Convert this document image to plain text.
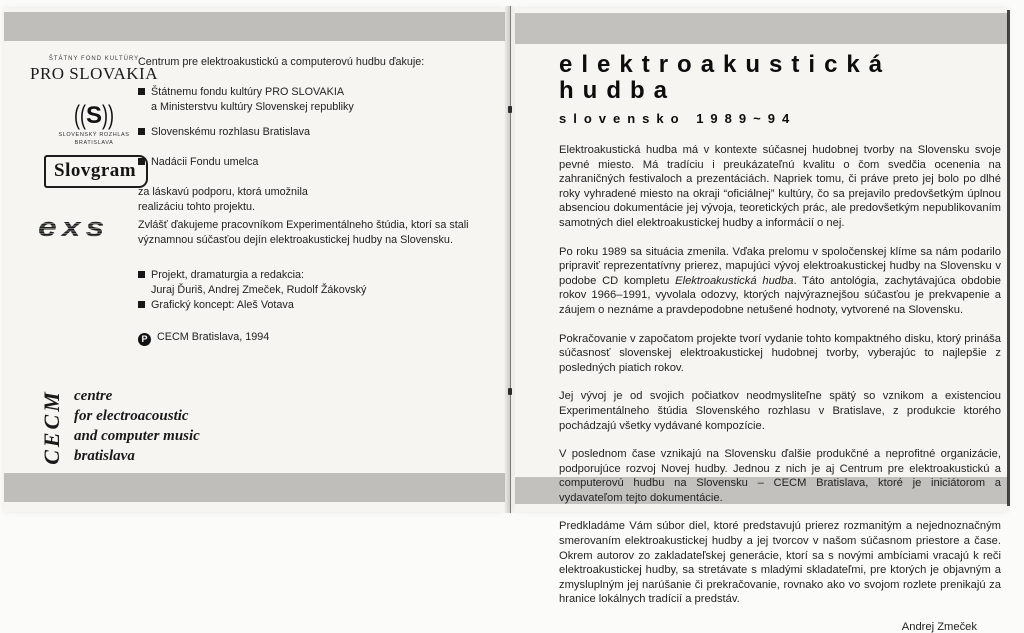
ŠTÁTNY FOND KULTÚRY
PRO SLOVAKIA
((S))
SLOVENSKÝ ROZHLAS
BRATISLAVA
Slovgram
exs
Centrum pre elektroakustickú a computerovú hudbu ďakuje:
Štátnemu fondu kultúry PRO SLOVAKIA
a Ministerstvu kultúry Slovenskej republiky
Slovenskému rozhlasu Bratislava
Nadácii Fondu umelca
za láskavú podporu, ktorá umožnila
realizáciu tohto projektu.
Zvlášť ďakujeme pracovníkom Experimentálneho štúdia, ktorí sa stali významnou súčasťou dejín elektroakustickej hudby na Slovensku.
Projekt, dramaturgia a redakcia:
Juraj Ďuriš, Andrej Zmeček, Rudolf Žákovský
Grafický koncept: Aleš Votava
P CECM Bratislava, 1994
CECM centre
for electroacoustic
and computer music
bratislava
elektroakustická
hudba
slovensko 1989~94

Elektroakustická hudba má v kontexte súčasnej hudobnej tvorby na Slovensku svoje pevné miesto. Má tradíciu i preukázateľnú kvalitu o čom svedčia ocenenia na zahraničných festivaloch a prezentáciách. Napriek tomu, či práve preto jej bolo po dlhé roky vyhradené miesto na okraji “oficiálnej” kultúry, čo sa prejavilo predovšetkým úplnou absenciou dokumentácie jej vývoja, teoretických prác, ale predovšetkým nepublikovaním samotných diel elektroakustickej hudby a informácií o nej.

Po roku 1989 sa situácia zmenila. Vďaka prelomu v spoločenskej klíme sa nám podarilo pripraviť reprezentatívny prierez, mapujúci vývoj elektroakustickej hudby na Slovensku v podobe CD kompletu Elektroakustická hudba. Táto antológia, zachytávajúca obdobie rokov 1966–1991, vyvolala odozvy, ktorých najvýraznejšou súčasťou je prekvapenie a záujem o neznáme a pravdepodobne netušené hodnoty, vytvorené na Slovensku.

Pokračovanie v započatom projekte tvorí vydanie tohto kompaktného disku, ktorý prináša súčasnosť slovenskej elektroakustickej hudobnej tvorby, vyberajúc to najlepšie z posledných piatich rokov.

Jej vývoj je od svojich počiatkov neodmysliteľne spätý so vznikom a existenciou Experimentálneho štúdia Slovenského rozhlasu v Bratislave, z produkcie ktorého pochádzajú všetky vydávané kompozície.

V poslednom čase vznikajú na Slovensku ďalšie produkčné a neprofitné organizácie, podporujúce rozvoj Novej hudby. Jednou z nich je aj Centrum pre elektroakustickú a computerovú hudbu na Slovensku – CECM Bratislava, ktoré je iniciátorom a vydavateľom tejto dokumentácie.

Predkladáme Vám súbor diel, ktoré predstavujú prierez rozmanitým a nejednoznačným smerovaním elektroakustickej hudby a jej tvorcov v našom súčasnom priestore a čase. Okrem autorov zo zakladateľskej generácie, ktorí sa s novými ambíciami vracajú k reči elektroakustickej hudby, sa stretávate s mladými skladateľmi, pre ktorých je objavným a zmysluplným jej narúšanie či prekračovanie, rovnako ako vo svojom rozlete prenikajú za hranice lokálnych tradícií a predstáv.

Andrej Zmeček
